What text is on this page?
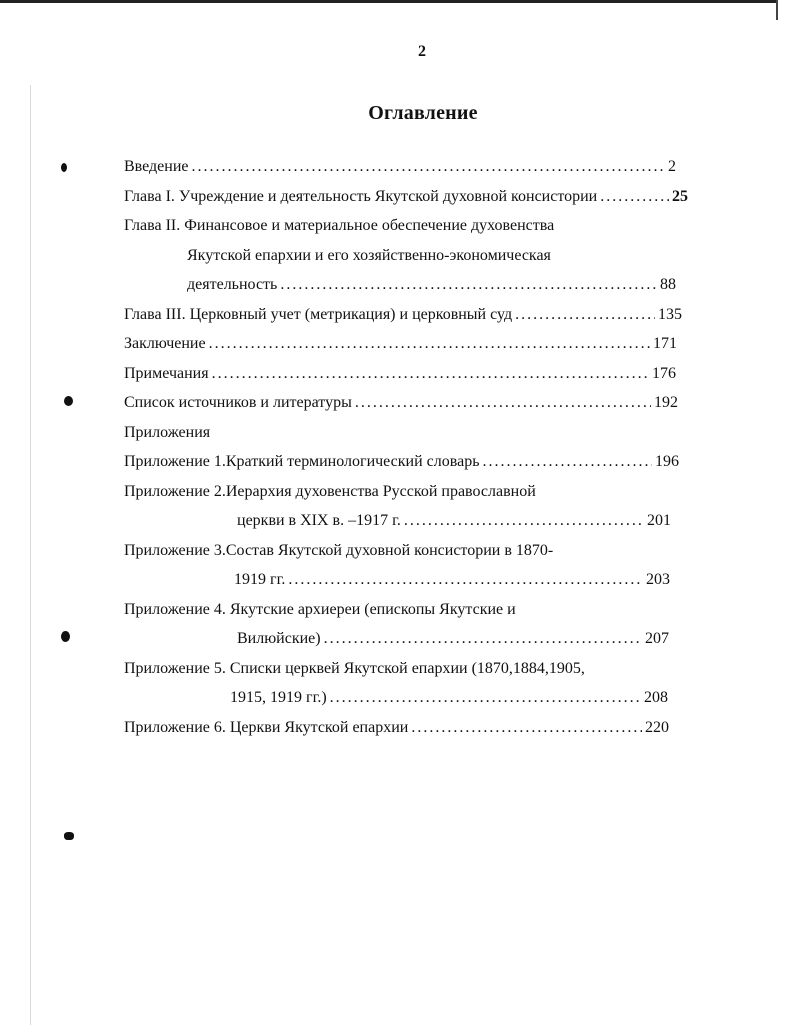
2
Оглавление
Введение .....	2
Глава I. Учреждение и деятельность Якутской духовной консистории .....	25
Глава II. Финансовое и материальное обеспечение духовенства
Якутской епархии и его хозяйственно-экономическая
деятельность .....	88
Глава III. Церковный учет (метрикация) и церковный суд .....	135
Заключение .....	171
Примечания .....	176
Список источников и литературы .....	192
Приложения
Приложение 1.Краткий терминологический словарь .....	196
Приложение 2.Иерархия духовенства Русской православной
церкви в XIX в. –1917 г. .....	201
Приложение 3.Состав Якутской духовной консистории в 1870-
1919 гг. .....	203
Приложение 4. Якутские архиереи (епископы Якутские и
Вилюйские) .....	207
Приложение 5. Списки церквей Якутской епархии (1870,1884,1905,
1915, 1919 гг.) .....	208
Приложение 6. Церкви Якутской епархии .....	220
